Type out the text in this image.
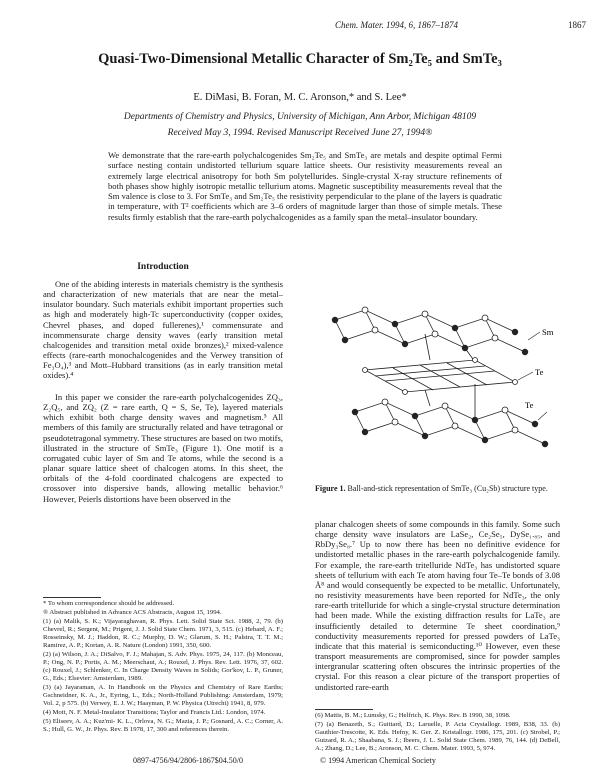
Chem. Mater. 1994, 6, 1867–1874	1867
Quasi-Two-Dimensional Metallic Character of Sm₂Te₅ and SmTe₃
E. DiMasi, B. Foran, M. C. Aronson,* and S. Lee*
Departments of Chemistry and Physics, University of Michigan, Ann Arbor, Michigan 48109
Received May 3, 1994. Revised Manuscript Received June 27, 1994®
We demonstrate that the rare-earth polychalcogenides Sm₂Te₅ and SmTe₃ are metals and despite optimal Fermi surface nesting contain undistorted tellurium square lattice sheets. Our resistivity measurements reveal an extremely large electrical anisotropy for both Sm polytellurides. Single-crystal X-ray structure refinements of both phases show highly isotropic metallic tellurium atoms. Magnetic susceptibility measurements reveal that the Sm valence is close to 3. For SmTe₃ and Sm₂Te₅ the resistivity perpendicular to the plane of the layers is quadratic in temperature, with T² coefficients which are 3–6 orders of magnitude larger than those of simple metals. These results firmly establish that the rare-earth polychalcogenides as a family span the metal–insulator boundary.
Introduction

One of the abiding interests in materials chemistry is the synthesis and characterization of new materials that are near the metal–insulator boundary. Such materials exhibit important properties such as high and moderately high-Tc superconductivity (copper oxides, Chevrel phases, and doped fullerenes),¹ commensurate and incommensurate charge density waves (early transition metal chalcogenides and transition metal oxide bronzes),² mixed-valence effects (rare-earth monochalcogenides and the Verwey transition of Fe₃O₄),³ and Mott–Hubbard transitions (as in early transition metal oxides).⁴

In this paper we consider the rare-earth polychalcogenides ZQ₃, Z₂Q₅, and ZQ₂ (Z = rare earth, Q = S, Se, Te), layered materials which exhibit both charge density waves and magnetism.⁵ All members of this family are structurally related and have tetragonal or pseudotetragonal symmetry. These structures are based on two motifs, illustrated in the structure of SmTe₃ (Figure 1). One motif is a corrugated cubic layer of Sm and Te atoms, while the second is a planar square lattice sheet of chalcogen atoms. In this sheet, the orbitals of the 4-fold coordinated chalcogens are expected to crossover into dispersive bands, allowing metallic behavior.⁶ However, Peierls distortions have been observed in the

* To whom correspondence should be addressed.

® Abstract published in Advance ACS Abstracts, August 15, 1994.

(1) (a) Malik, S. K.; Vijayaraghavan, R. Phys. Lett. Solid State Sci. 1988, 2, 79. (b) Chevrel, R.; Sergent, M.; Prigent, J. J. Solid State Chem. 1971, 3, 515. (c) Hebard, A. F.; Rosseinsky, M. J.; Haddon, R. C.; Murphy, D. W.; Glarum, S. H.; Palstra, T. T. M.; Ramirez, A. P.; Kortan, A. R. Nature (London) 1991, 350, 600.

(2) (a) Wilson, J. A.; DiSalvo, F. J.; Mahajan, S. Adv. Phys. 1975, 24, 117. (b) Monceau, P.; Ong, N. P.; Portis, A. M.; Meerschaut, A.; Rouxel, J. Phys. Rev. Lett. 1976, 37, 602. (c) Rouxel, J.; Schlenker, C. In Charge Density Waves in Solids; Gor'kov, L. P., Gruner, G., Eds.; Elsevier: Amsterdam, 1989.

(3) (a) Jayaraman, A. In Handbook on the Physics and Chemistry of Rare Earths; Gschneidner, K. A., Jr., Eyring, L., Eds.; North-Holland Publishing: Amsterdam, 1979; Vol. 2, p 575. (b) Verwey, E. J. W.; Haayman, P. W. Physica (Utrecht) 1941, 8, 979.

(4) Mott, N. F. Metal-Insulator Transitions; Taylor and Francis Ltd.: London, 1974.

(5) Eliseev, A. A.; Kuz'mi- K. L., Orlova, N. G.; Mazia, J. P.; Gosnard, A. C.; Corner, A. S.; Hull, G. W., Jr. Phys. Rev. B 1978, 17, 300 and references therein.

Sm
Te
Te
Figure 1. Ball-and-stick representation of SmTe₃ (Cu₂Sb) structure type.

planar chalcogen sheets of some compounds in this family. Some such charge density wave insulators are LaSe₂, Ce₂Se₅, DySe₁.₈₅, and RbDy₃Se₈.⁷ Up to now there has been no definitive evidence for undistorted metallic phases in the rare-earth polychalcogenide family. For example, the rare-earth tritelluride NdTe₃ has undistorted square sheets of tellurium with each Te atom having four Te–Te bonds of 3.08 Å⁸ and would consequently be expected to be metallic. Unfortunately, no resistivity measurements have been reported for NdTe₃, the only rare-earth tritelluride for which a single-crystal structure determination had been made. While the existing diffraction results for LaTe₃ are insufficiently detailed to determine Te sheet coordination,⁹ conductivity measurements reported for pressed powders of LaTe₃ indicate that this material is semiconducting.¹⁰ However, even these transport measurements are compromised, since for powder samples intergranular scattering often obscures the intrinsic properties of the crystal. For this reason a clear picture of the transport properties of undistorted rare-earth

(6) Mattis, B. M.; Lumsky, G.; Helfrich, K. Phys. Rev. B 1990, 38, 1098.

(7) (a) Benazeth, S.; Guittard, D.; Laruelle, P. Acta Crystallogr. 1989, B38, 33. (b) Gauthier-Trescotte, K. Eds. Hefny, K. Ger. Z. Kristallogr. 1986, 175, 201. (c) Strobel, P.; Guizard, R. A.; Shaabana, S. J.; Ibeers, J. L. Solid State Chem. 1989, 76, 144. (d) DeBell, A.; Zhang, D.; Lee, B.; Aronson, M. C. Chem. Mater. 1993, 5, 974.

0897-4756/94/2806-1867$04.50/0	© 1994 American Chemical Society
